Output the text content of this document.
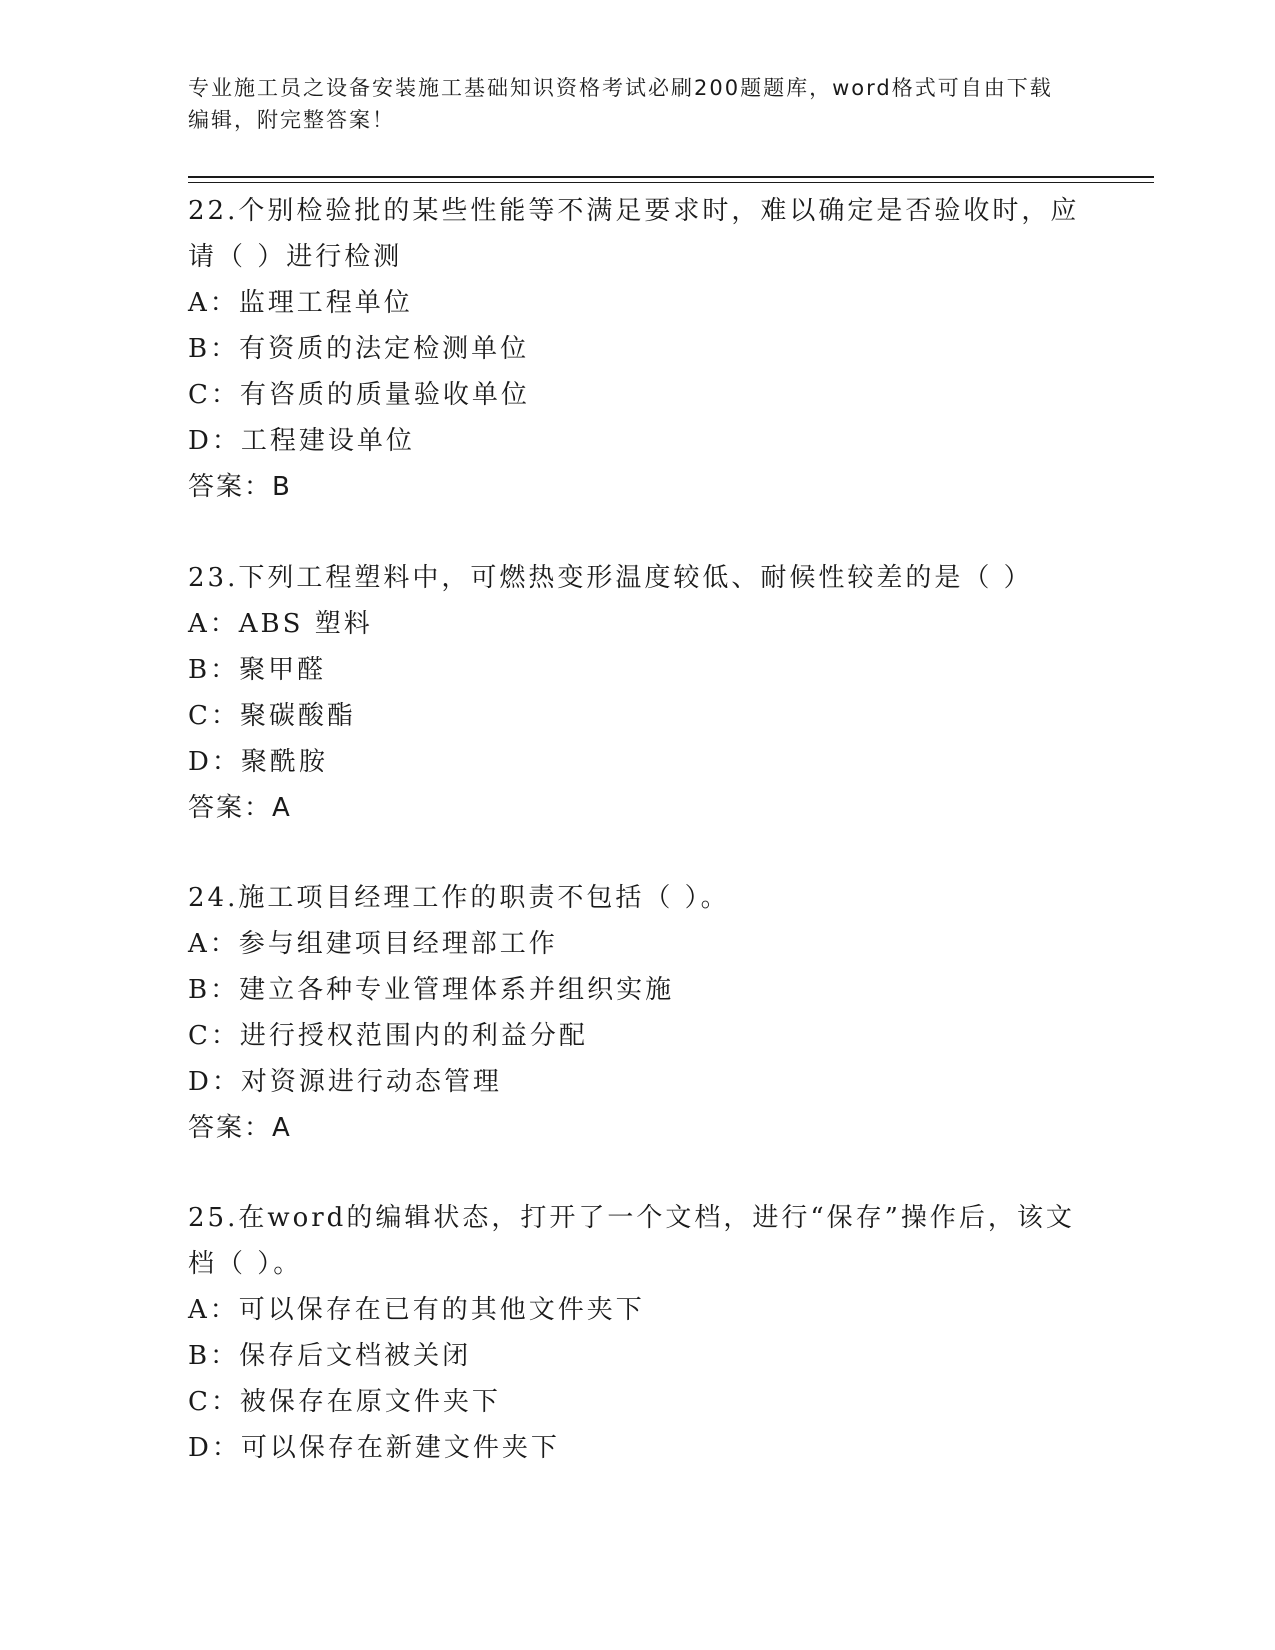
专业施工员之设备安装施工基础知识资格考试必刷200题题库，word格式可自由下载编辑，附完整答案！
22.个别检验批的某些性能等不满足要求时，难以确定是否验收时，应请（ ）进行检测
A：监理工程单位
B：有资质的法定检测单位
C：有咨质的质量验收单位
D：工程建设单位
答案：B
23.下列工程塑料中，可燃热变形温度较低、耐候性较差的是（ ）
A：ABS 塑料
B：聚甲醛
C：聚碳酸酯
D：聚酰胺
答案：A
24.施工项目经理工作的职责不包括（ ）。
A：参与组建项目经理部工作
B：建立各种专业管理体系并组织实施
C：进行授权范围内的利益分配
D：对资源进行动态管理
答案：A
25.在word的编辑状态，打开了一个文档，进行“保存”操作后，该文档（ ）。
A：可以保存在已有的其他文件夹下
B：保存后文档被关闭
C：被保存在原文件夹下
D：可以保存在新建文件夹下
